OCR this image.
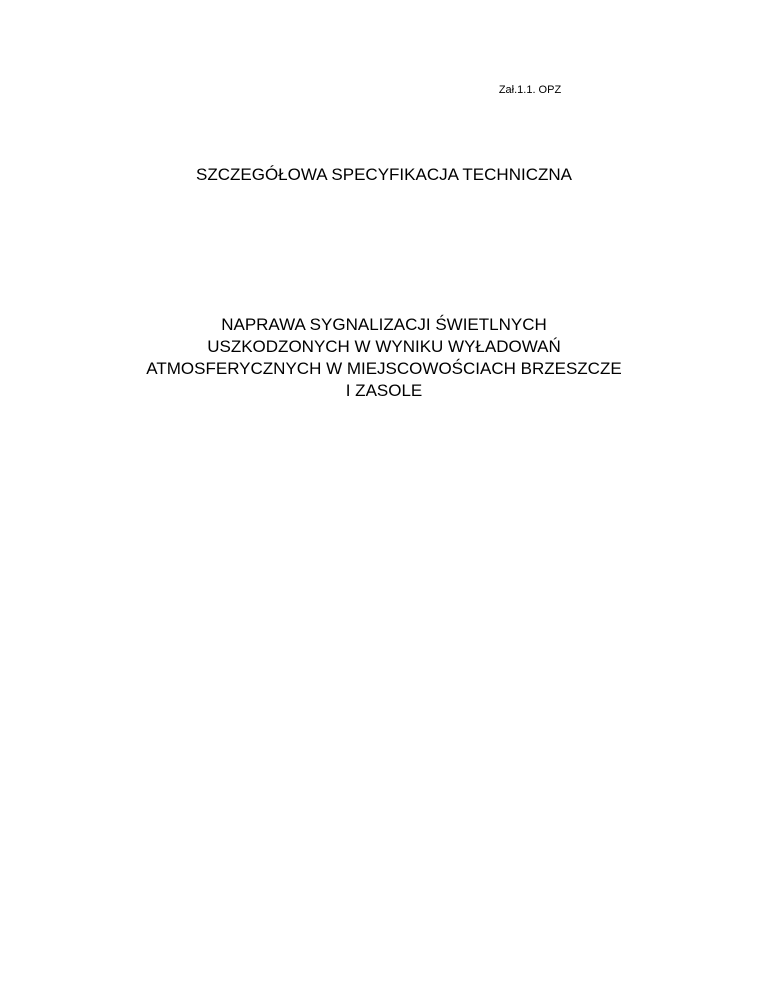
Zał.1.1. OPZ
SZCZEGÓŁOWA SPECYFIKACJA TECHNICZNA
NAPRAWA SYGNALIZACJI ŚWIETLNYCH
USZKODZONYCH W WYNIKU WYŁADOWAŃ
ATMOSFERYCZNYCH W MIEJSCOWOŚCIACH BRZESZCZE
I ZASOLE
